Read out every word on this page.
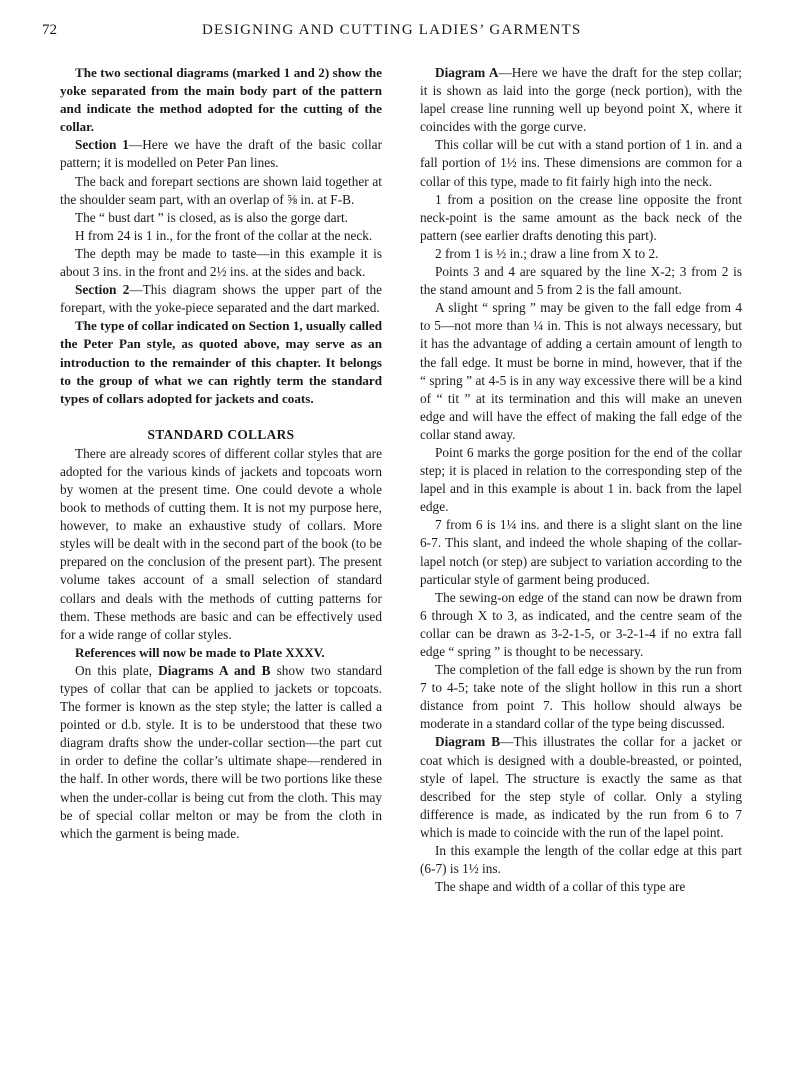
72	DESIGNING AND CUTTING LADIES’ GARMENTS

The two sectional diagrams (marked 1 and 2) show the yoke separated from the main body part of the pattern and indicate the method adopted for the cutting of the collar.

Section 1—Here we have the draft of the basic collar pattern; it is modelled on Peter Pan lines.

The back and forepart sections are shown laid together at the shoulder seam part, with an overlap of ⅝ in. at F-B.

The “ bust dart ” is closed, as is also the gorge dart.

H from 24 is 1 in., for the front of the collar at the neck.

The depth may be made to taste—in this example it is about 3 ins. in the front and 2½ ins. at the sides and back.

Section 2—This diagram shows the upper part of the forepart, with the yoke-piece separated and the dart marked.

The type of collar indicated on Section 1, usually called the Peter Pan style, as quoted above, may serve as an introduction to the remainder of this chapter. It belongs to the group of what we can rightly term the standard types of collars adopted for jackets and coats.

STANDARD COLLARS

There are already scores of different collar styles that are adopted for the various kinds of jackets and topcoats worn by women at the present time. One could devote a whole book to methods of cutting them. It is not my purpose here, however, to make an exhaustive study of collars. More styles will be dealt with in the second part of the book (to be prepared on the conclusion of the present part). The present volume takes account of a small selection of standard collars and deals with the methods of cutting patterns for them. These methods are basic and can be effectively used for a wide range of collar styles.

References will now be made to Plate XXXV.

On this plate, Diagrams A and B show two standard types of collar that can be applied to jackets or topcoats. The former is known as the step style; the latter is called a pointed or d.b. style. It is to be understood that these two diagram drafts show the under-collar section—the part cut in order to define the collar’s ultimate shape—rendered in the half. In other words, there will be two portions like these when the under-collar is being cut from the cloth. This may be of special collar melton or may be from the cloth in which the garment is being made.

Diagram A—Here we have the draft for the step collar; it is shown as laid into the gorge (neck portion), with the lapel crease line running well up beyond point X, where it coincides with the gorge curve.

This collar will be cut with a stand portion of 1 in. and a fall portion of 1½ ins. These dimensions are common for a collar of this type, made to fit fairly high into the neck.

1 from a position on the crease line opposite the front neck-point is the same amount as the back neck of the pattern (see earlier drafts denoting this part).

2 from 1 is ½ in.; draw a line from X to 2.

Points 3 and 4 are squared by the line X-2; 3 from 2 is the stand amount and 5 from 2 is the fall amount.

A slight “ spring ” may be given to the fall edge from 4 to 5—not more than ¼ in. This is not always necessary, but it has the advantage of adding a certain amount of length to the fall edge. It must be borne in mind, however, that if the “ spring ” at 4-5 is in any way excessive there will be a kind of “ tit ” at its termination and this will make an uneven edge and will have the effect of making the fall edge of the collar stand away.

Point 6 marks the gorge position for the end of the collar step; it is placed in relation to the corresponding step of the lapel and in this example is about 1 in. back from the lapel edge.

7 from 6 is 1¼ ins. and there is a slight slant on the line 6-7. This slant, and indeed the whole shaping of the collar-lapel notch (or step) are subject to variation according to the particular style of garment being produced.

The sewing-on edge of the stand can now be drawn from 6 through X to 3, as indicated, and the centre seam of the collar can be drawn as 3-2-1-5, or 3-2-1-4 if no extra fall edge “ spring ” is thought to be necessary.

The completion of the fall edge is shown by the run from 7 to 4-5; take note of the slight hollow in this run a short distance from point 7. This hollow should always be moderate in a standard collar of the type being discussed.

Diagram B—This illustrates the collar for a jacket or coat which is designed with a double-breasted, or pointed, style of lapel. The structure is exactly the same as that described for the step style of collar. Only a styling difference is made, as indicated by the run from 6 to 7 which is made to coincide with the run of the lapel point.

In this example the length of the collar edge at this part (6-7) is 1½ ins.

The shape and width of a collar of this type are
